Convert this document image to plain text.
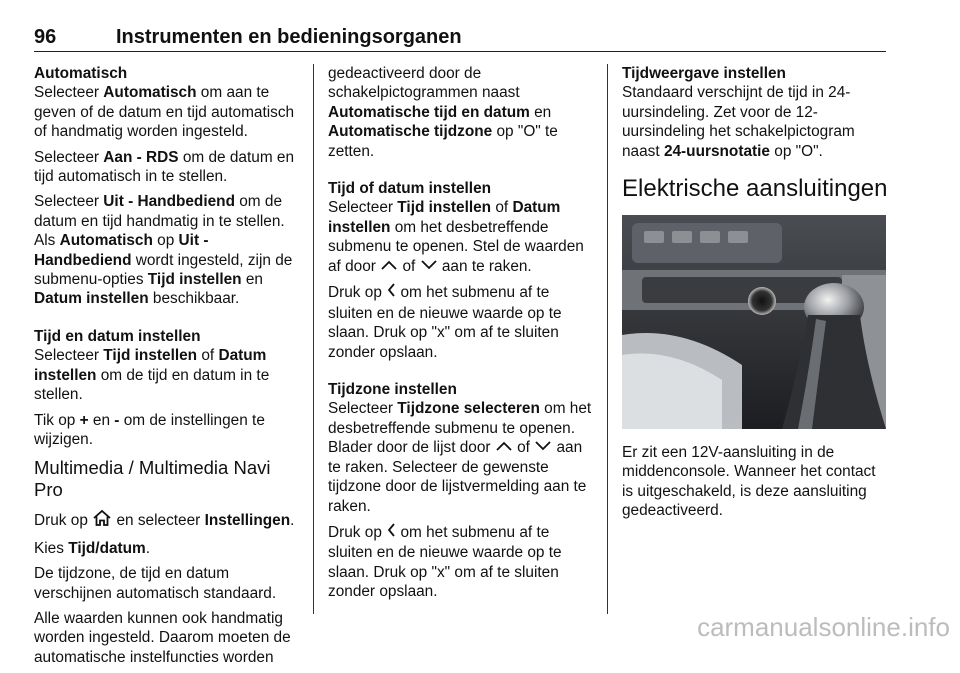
96	Instrumenten en bedieningsorganen

Automatisch
Selecteer Automatisch om aan te geven of de datum en tijd automatisch of handmatig worden ingesteld.

Selecteer Aan - RDS om de datum en tijd automatisch in te stellen.

Selecteer Uit - Handbediend om de datum en tijd handmatig in te stellen. Als Automatisch op Uit - Handbediend wordt ingesteld, zijn de submenu-opties Tijd instellen en Datum instellen beschikbaar.

Tijd en datum instellen
Selecteer Tijd instellen of Datum instellen om de tijd en datum in te stellen.

Tik op + en - om de instellingen te wijzigen.

Multimedia / Multimedia Navi Pro

Druk op  en selecteer Instellingen.

Kies Tijd/datum.

De tijdzone, de tijd en datum verschijnen automatisch standaard.

Alle waarden kunnen ook handmatig worden ingesteld. Daarom moeten de automatische instelfuncties worden

gedeactiveerd door de schakelpictogrammen naast Automatische tijd en datum en Automatische tijdzone op "O" te zetten.

Tijd of datum instellen
Selecteer Tijd instellen of Datum instellen om het desbetreffende submenu te openen. Stel de waarden af door  of  aan te raken.

Druk op  om het submenu af te sluiten en de nieuwe waarde op te slaan. Druk op "x" om af te sluiten zonder opslaan.

Tijdzone instellen
Selecteer Tijdzone selecteren om het desbetreffende submenu te openen. Blader door de lijst door  of  aan te raken. Selecteer de gewenste tijdzone door de lijstvermelding aan te raken.

Druk op  om het submenu af te sluiten en de nieuwe waarde op te slaan. Druk op "x" om af te sluiten zonder opslaan.

Tijdweergave instellen
Standaard verschijnt de tijd in 24-uursindeling. Zet voor de 12-uursindeling het schakelpictogram naast 24-uursnotatie op "O".

Elektrische aansluitingen

Er zit een 12V-aansluiting in de middenconsole. Wanneer het contact is uitgeschakeld, is deze aansluiting gedeactiveerd.

carmanualsonline.info
